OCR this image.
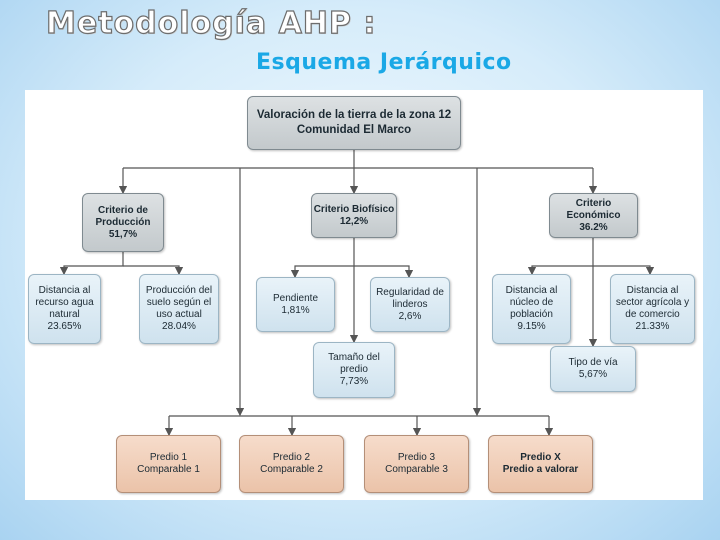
Metodología AHP :
Esquema Jerárquico
Valoración de la tierra de la zona 12
Comunidad El Marco
Criterio de
Producción
51,7%
Criterio Biofísico
12,2%
Criterio
Económico
36.2%
Distancia al
recurso agua
natural
23.65%
Producción del
suelo según el
uso actual
28.04%
Pendiente
1,81%
Regularidad de
linderos
2,6%
Tamaño del
predio
7,73%
Distancia al
núcleo de
población
9.15%
Distancia al
sector agrícola y
de comercio
21.33%
Tipo de vía
5,67%
Predio 1
Comparable 1
Predio 2
Comparable 2
Predio 3
Comparable 3
Predio X
Predio a valorar
